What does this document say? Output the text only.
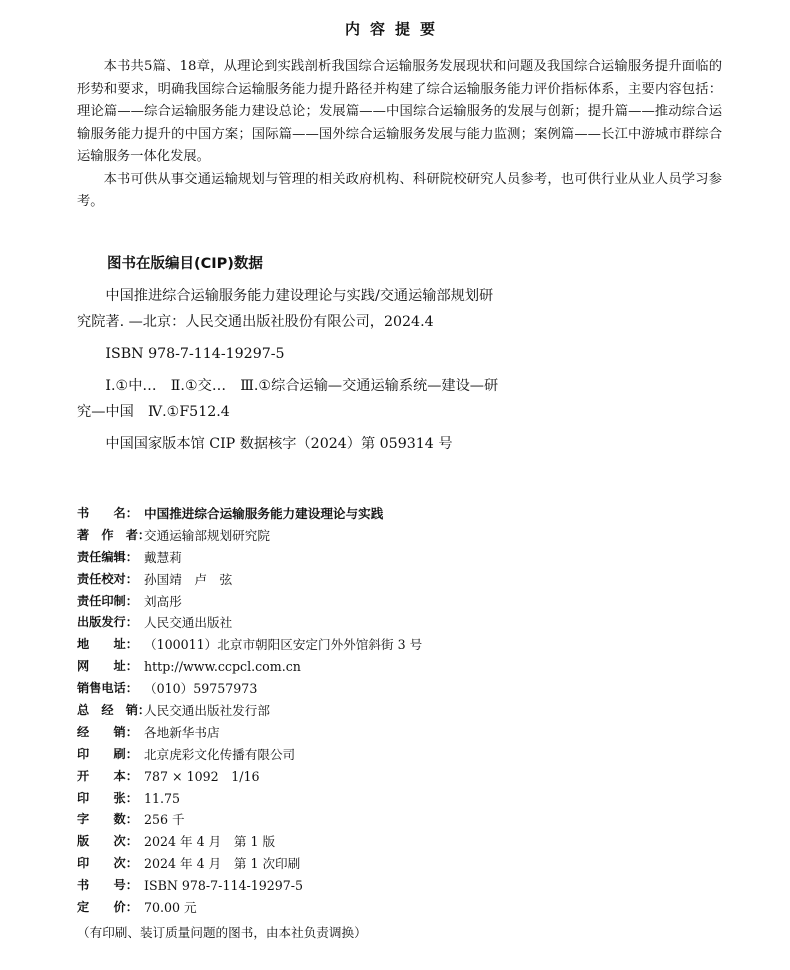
内容提要

本书共5篇、18章，从理论到实践剖析我国综合运输服务发展现状和问题及我国综合运输服务提升面临的形势和要求，明确我国综合运输服务能力提升路径并构建了综合运输服务能力评价指标体系，主要内容包括：理论篇——综合运输服务能力建设总论；发展篇——中国综合运输服务的发展与创新；提升篇——推动综合运输服务能力提升的中国方案；国际篇——国外综合运输服务发展与能力监测；案例篇——长江中游城市群综合运输服务一体化发展。

本书可供从事交通运输规划与管理的相关政府机构、科研院校研究人员参考，也可供行业从业人员学习参考。

图书在版编目(CIP)数据

中国推进综合运输服务能力建设理论与实践/交通运输部规划研究院著. —北京：人民交通出版社股份有限公司，2024.4

ISBN 978-7-114-19297-5

Ⅰ.①中…　Ⅱ.①交…　Ⅲ.①综合运输—交通运输系统—建设—研究—中国　Ⅳ.①F512.4

中国国家版本馆 CIP 数据核字（2024）第 059314 号

书　　名： 中国推进综合运输服务能力建设理论与实践
著　作　者：
交通运输部规划研究院
责任编辑： 戴慧莉
责任校对： 孙国靖　卢　弦
责任印制： 刘高彤
出版发行： 人民交通出版社
地　　址： （100011）北京市朝阳区安定门外外馆斜街 3 号
网　　址： http://www.ccpcl.com.cn
销售电话： （010）59757973
总　经　销：
人民交通出版社发行部
经　　销： 各地新华书店
印　　刷： 北京虎彩文化传播有限公司
开　　本： 787 × 1092　1/16
印　　张： 11.75
字　　数： 256 千
版　　次： 2024 年 4 月　第 1 版
印　　次： 2024 年 4 月　第 1 次印刷
书　　号： ISBN 978-7-114-19297-5
定　　价： 70.00 元
（有印刷、装订质量问题的图书，由本社负责调换）
